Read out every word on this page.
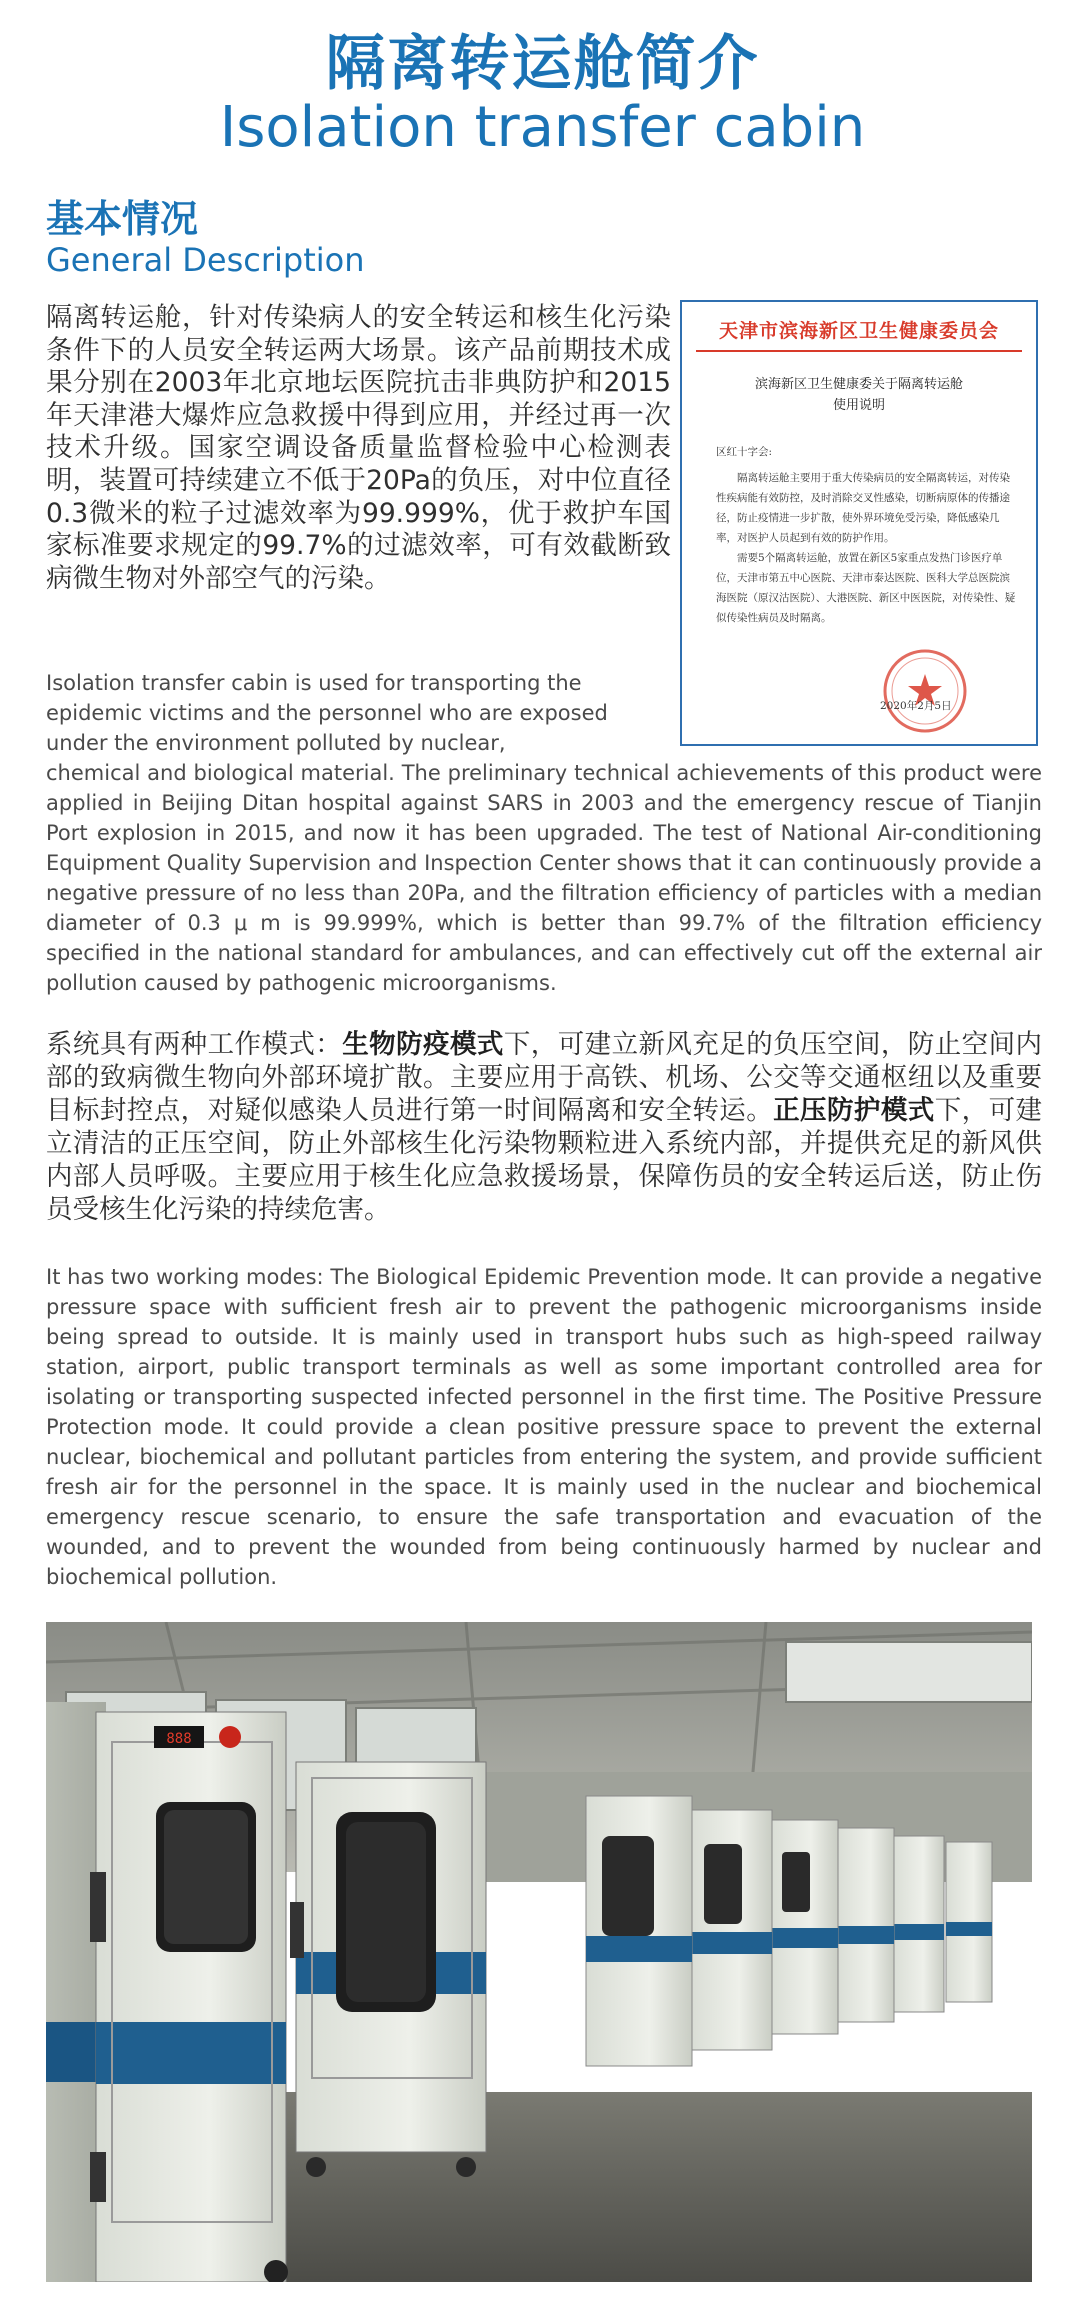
隔离转运舱简介
Isolation transfer cabin
基本情况
General Description
隔离转运舱，针对传染病人的安全转运和核生化污染条件下的人员安全转运两大场景。该产品前期技术成果分别在2003年北京地坛医院抗击非典防护和2015年天津港大爆炸应急救援中得到应用，并经过再一次技术升级。国家空调设备质量监督检验中心检测表明，装置可持续建立不低于20Pa的负压，对中位直径0.3微米的粒子过滤效率为99.999%，优于救护车国家标准要求规定的99.7%的过滤效率，可有效截断致病微生物对外部空气的污染。
Isolation transfer cabin is used for transporting the epidemic victims and the personnel who are exposed under the environment polluted by nuclear,
chemical and biological material. The preliminary technical achievements of this product were applied in Beijing Ditan hospital against SARS in 2003 and the emergency rescue of Tianjin Port explosion in 2015, and now it has been upgraded. The test of National Air-conditioning Equipment Quality Supervision and Inspection Center shows that it can continuously provide a negative pressure of no less than 20Pa, and the filtration efficiency of particles with a median diameter of 0.3 μ m is 99.999%, which is better than 99.7% of the filtration efficiency specified in the national standard for ambulances, and can effectively cut off the external air pollution caused by pathogenic microorganisms.
天津市滨海新区卫生健康委员会
滨海新区卫生健康委关于隔离转运舱
使用说明
区红十字会:

隔离转运舱主要用于重大传染病员的安全隔离转运，对传染性疾病能有效防控，及时消除交叉性感染，切断病原体的传播途径，防止疫情进一步扩散，使外界环境免受污染，降低感染几率，对医护人员起到有效的防护作用。

需要5个隔离转运舱，放置在新区5家重点发热门诊医疗单位，天津市第五中心医院、天津市泰达医院、医科大学总医院滨海医院（原汉沽医院）、大港医院、新区中医医院，对传染性、疑似传染性病员及时隔离。

2020年2月5日
系统具有两种工作模式：生物防疫模式下，可建立新风充足的负压空间，防止空间内部的致病微生物向外部环境扩散。主要应用于高铁、机场、公交等交通枢纽以及重要目标封控点，对疑似感染人员进行第一时间隔离和安全转运。正压防护模式下，可建立清洁的正压空间，防止外部核生化污染物颗粒进入系统内部，并提供充足的新风供内部人员呼吸。主要应用于核生化应急救援场景，保障伤员的安全转运后送，防止伤员受核生化污染的持续危害。
It has two working modes: The Biological Epidemic Prevention mode. It can provide a negative pressure space with sufficient fresh air to prevent the pathogenic microorganisms inside being spread to outside. It is mainly used in transport hubs such as high-speed railway station, airport, public transport terminals as well as some important controlled area for isolating or transporting suspected infected personnel in the first time. The Positive Pressure Protection mode. It could provide a clean positive pressure space to prevent the external nuclear, biochemical and pollutant particles from entering the system, and provide sufficient fresh air for the personnel in the space. It is mainly used in the nuclear and biochemical emergency rescue scenario, to ensure the safe transportation and evacuation of the wounded, and to prevent the wounded from being continuously harmed by nuclear and biochemical pollution.
888
